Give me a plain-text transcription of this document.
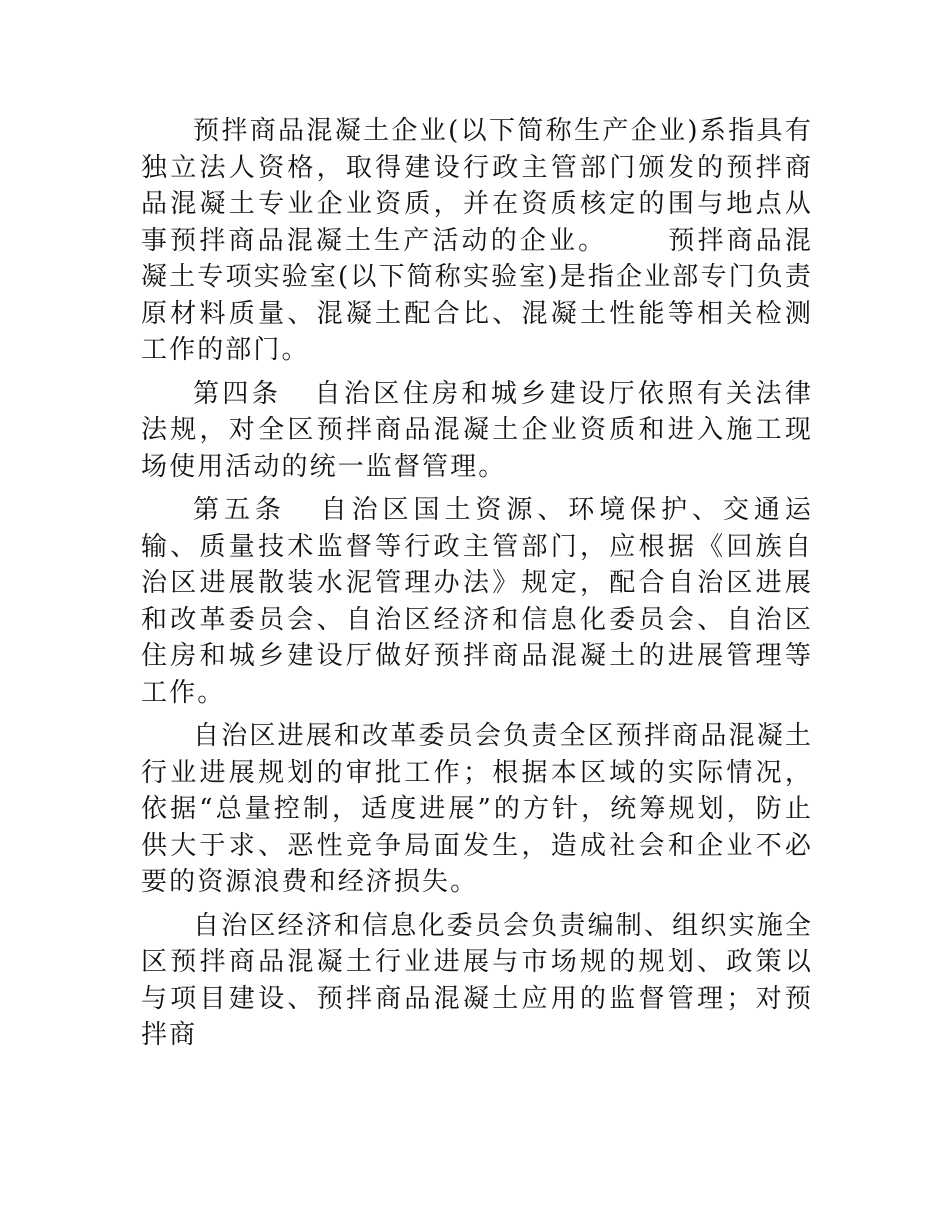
预拌商品混凝土企业(以下简称生产企业)系指具有独立法人资格，取得建设行政主管部门颁发的预拌商品混凝土专业企业资质，并在资质核定的围与地点从事预拌商品混凝土生产活动的企业。 预拌商品混凝土专项实验室(以下简称实验室)是指企业部专门负责原材料质量、混凝土配合比、混凝土性能等相关检测工作的部门。

第四条 自治区住房和城乡建设厅依照有关法律法规，对全区预拌商品混凝土企业资质和进入施工现场使用活动的统一监督管理。

第五条 自治区国土资源、环境保护、交通运输、质量技术监督等行政主管部门，应根据《回族自治区进展散装水泥管理办法》规定，配合自治区进展和改革委员会、自治区经济和信息化委员会、自治区住房和城乡建设厅做好预拌商品混凝土的进展管理等工作。

自治区进展和改革委员会负责全区预拌商品混凝土行业进展规划的审批工作；根据本区域的实际情况，依据“总量控制，适度进展”的方针，统筹规划，防止供大于求、恶性竞争局面发生，造成社会和企业不必要的资源浪费和经济损失。

自治区经济和信息化委员会负责编制、组织实施全区预拌商品混凝土行业进展与市场规的规划、政策以与项目建设、预拌商品混凝土应用的监督管理；对预拌商
